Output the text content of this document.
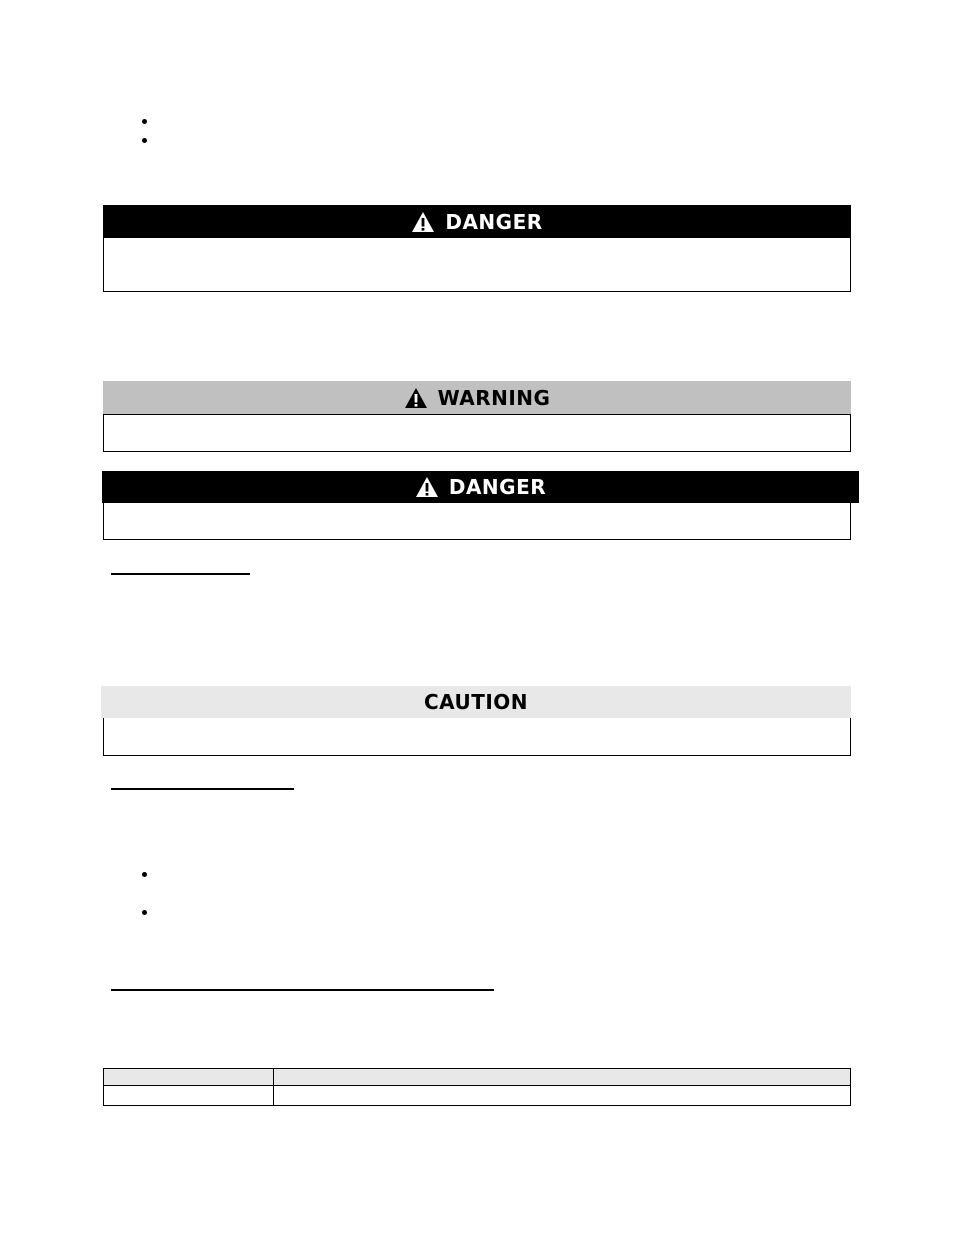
DANGER
WARNING
DANGER
CAUTION
